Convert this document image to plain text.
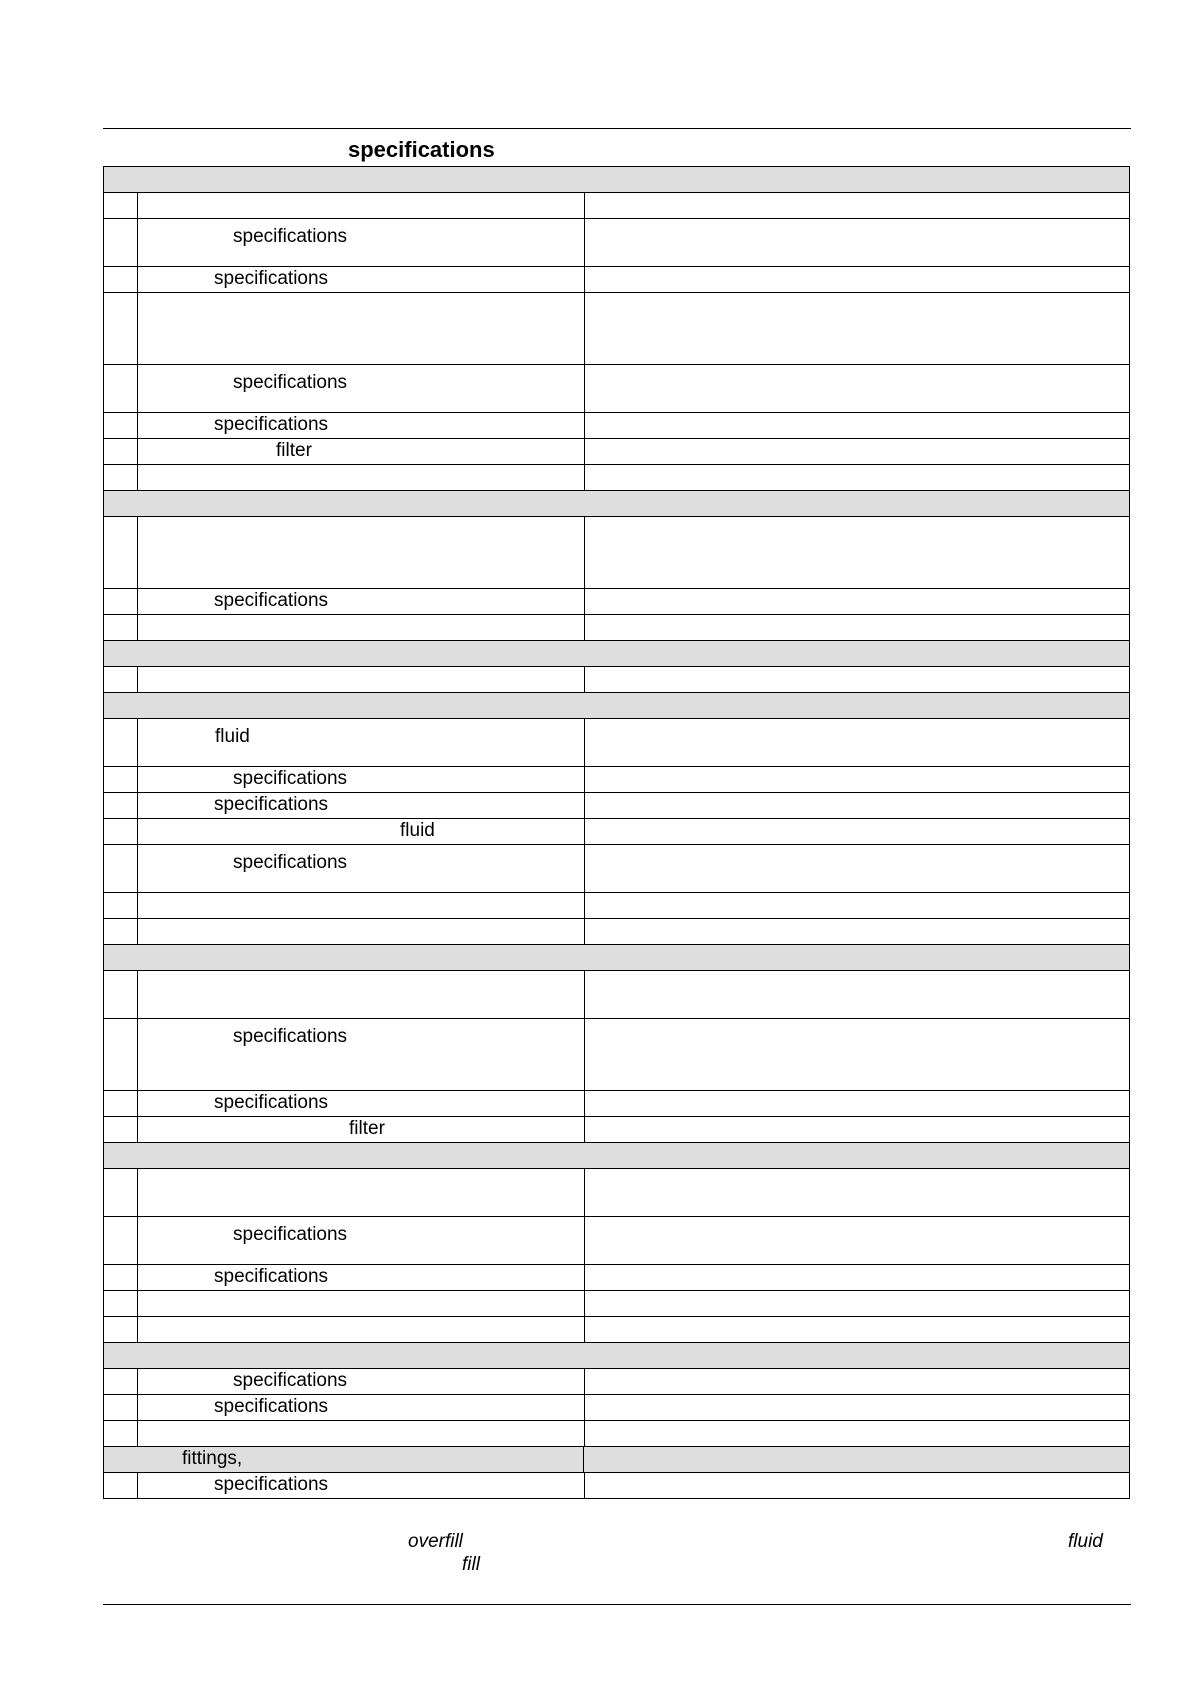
specifications
specifications
specifications
specifications
specifications
filter
specifications
fluid
specifications
specifications
fluid
specifications
specifications
specifications
filter
specifications
specifications
specifications
specifications
fittings,
specifications
overfill	fluid
fill
